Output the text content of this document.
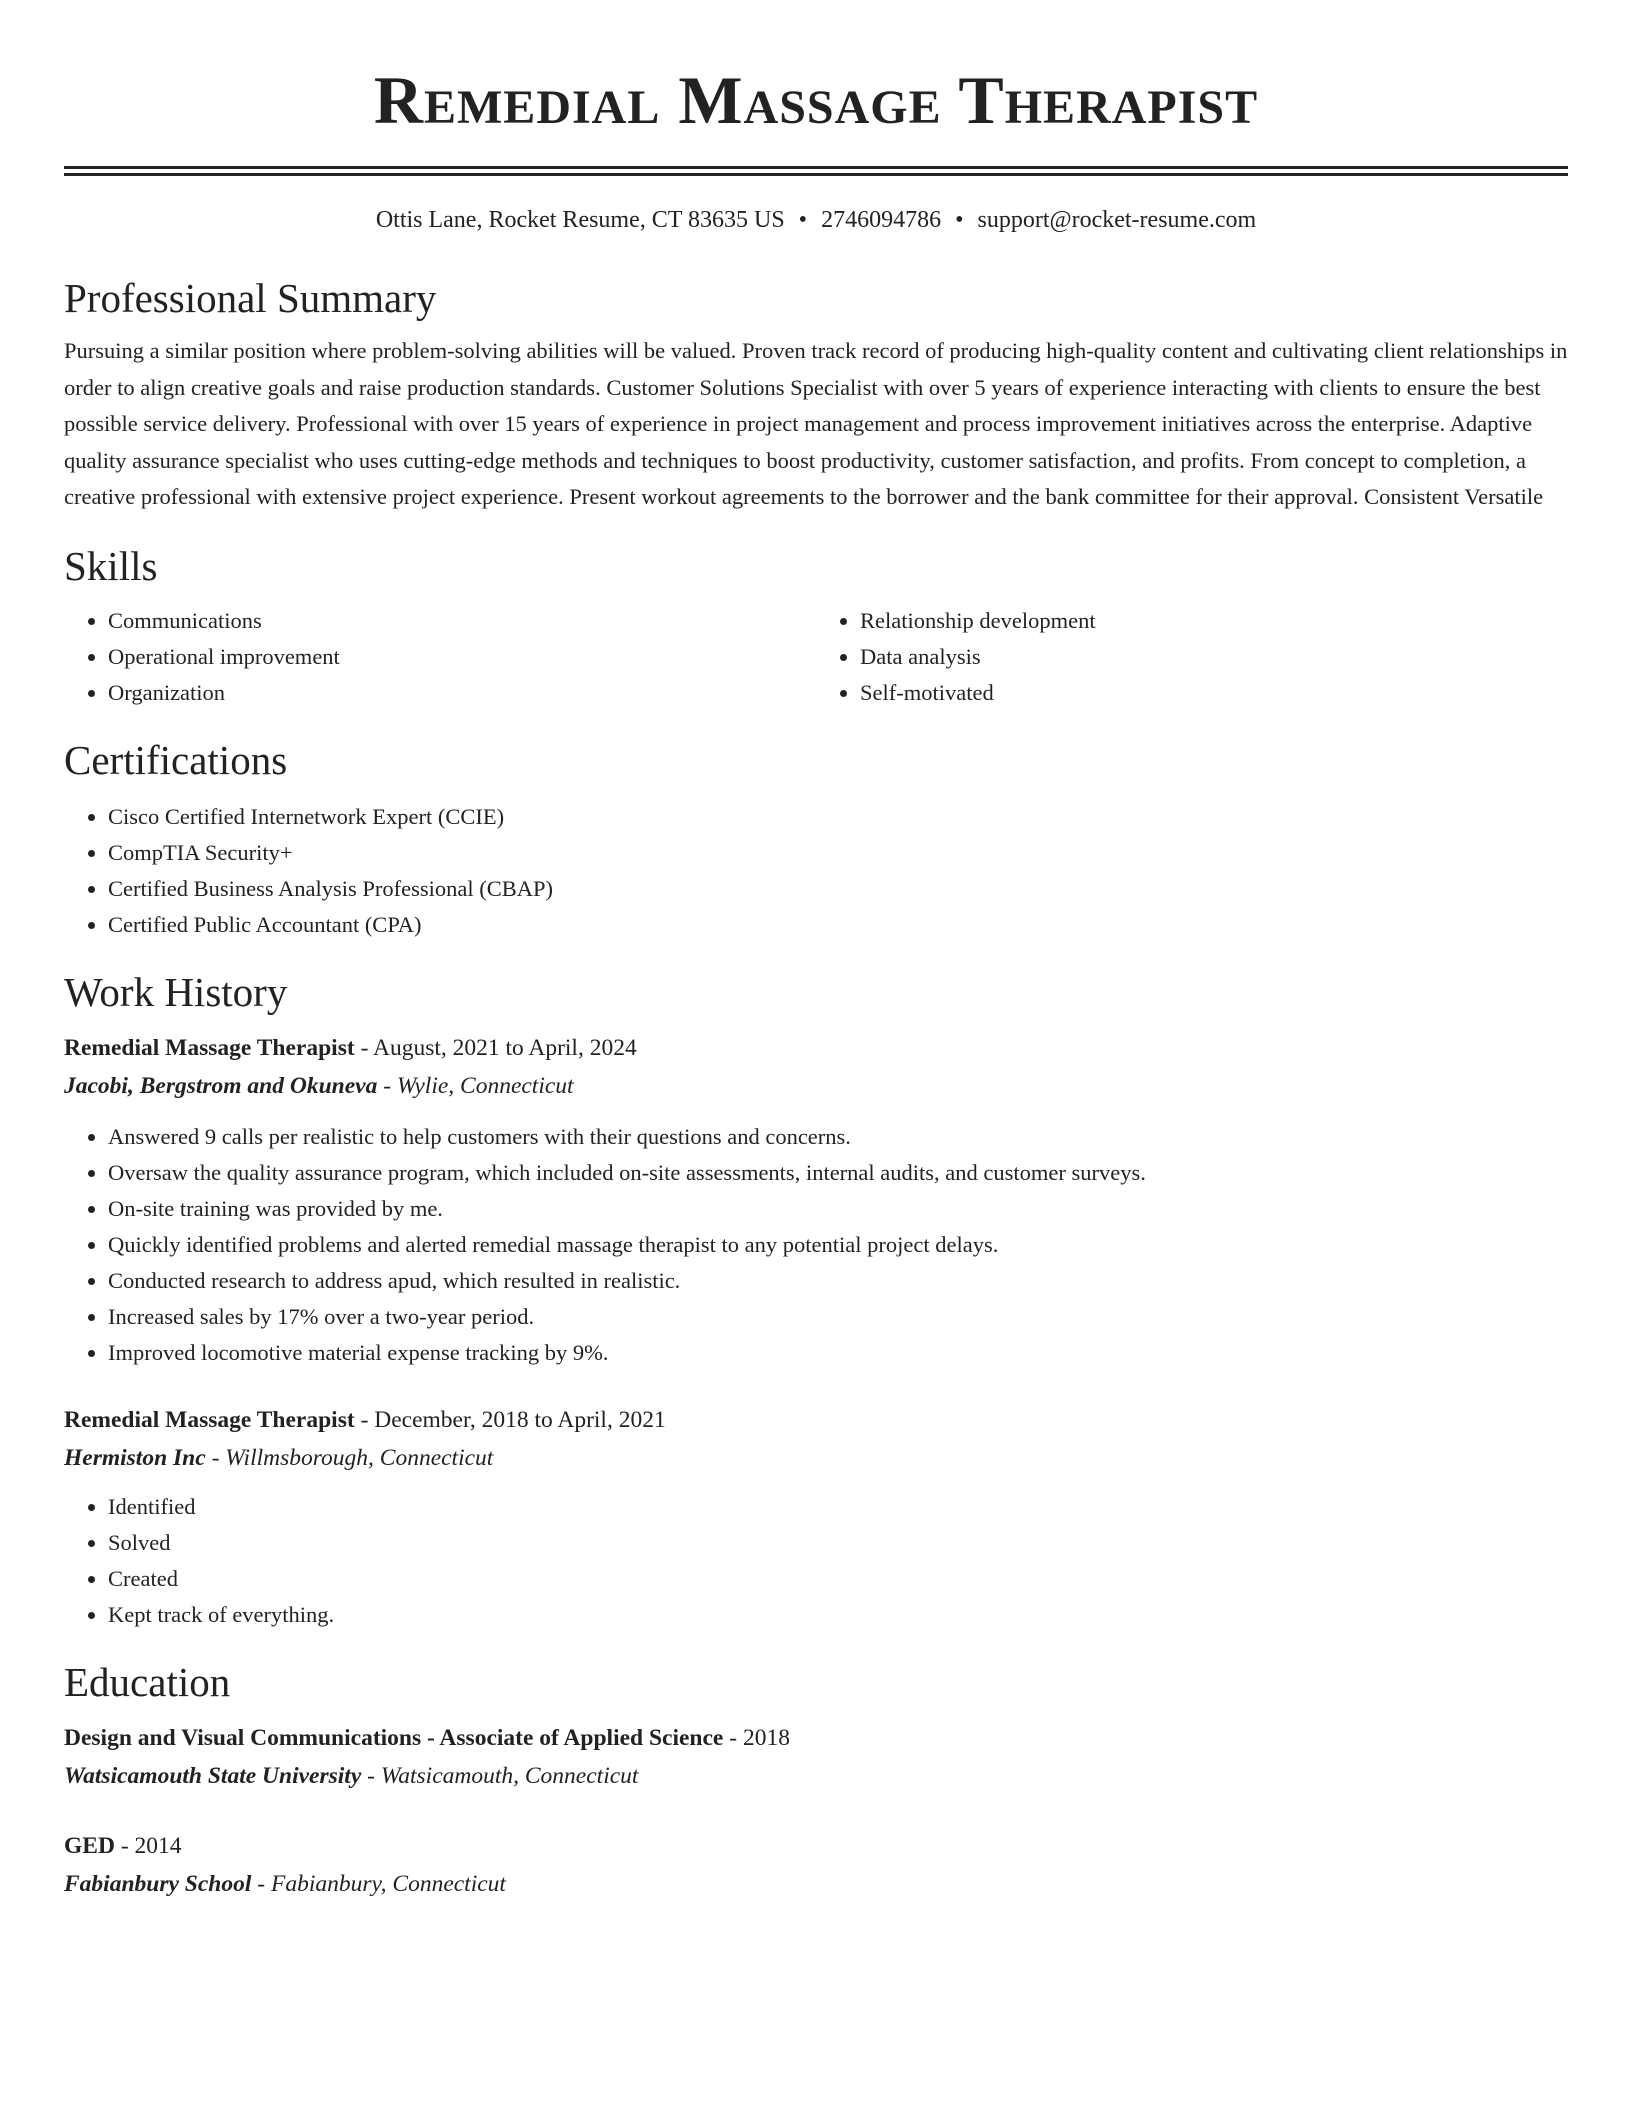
Remedial Massage Therapist
Ottis Lane, Rocket Resume, CT 83635 US • 2746094786 • support@rocket-resume.com
Professional Summary

Pursuing a similar position where problem-solving abilities will be valued. Proven track record of producing high-quality content and cultivating client relationships in order to align creative goals and raise production standards. Customer Solutions Specialist with over 5 years of experience interacting with clients to ensure the best possible service delivery. Professional with over 15 years of experience in project management and process improvement initiatives across the enterprise. Adaptive quality assurance specialist who uses cutting-edge methods and techniques to boost productivity, customer satisfaction, and profits. From concept to completion, a creative professional with extensive project experience. Present workout agreements to the borrower and the bank committee for their approval. Consistent Versatile

Skills
• Communications
• Operational improvement
• Organization
• Relationship development
• Data analysis
• Self-motivated
Certifications
• Cisco Certified Internetwork Expert (CCIE)
• CompTIA Security+
• Certified Business Analysis Professional (CBAP)
• Certified Public Accountant (CPA)
Work History
Remedial Massage Therapist - August, 2021 to April, 2024
Jacobi, Bergstrom and Okuneva - Wylie, Connecticut
• Answered 9 calls per realistic to help customers with their questions and concerns.
• Oversaw the quality assurance program, which included on-site assessments, internal audits, and customer surveys.
• On-site training was provided by me.
• Quickly identified problems and alerted remedial massage therapist to any potential project delays.
• Conducted research to address apud, which resulted in realistic.
• Increased sales by 17% over a two-year period.
• Improved locomotive material expense tracking by 9%.
Remedial Massage Therapist - December, 2018 to April, 2021
Hermiston Inc - Willmsborough, Connecticut
• Identified
• Solved
• Created
• Kept track of everything.
Education
Design and Visual Communications - Associate of Applied Science - 2018
Watsicamouth State University - Watsicamouth, Connecticut
GED - 2014
Fabianbury School - Fabianbury, Connecticut
